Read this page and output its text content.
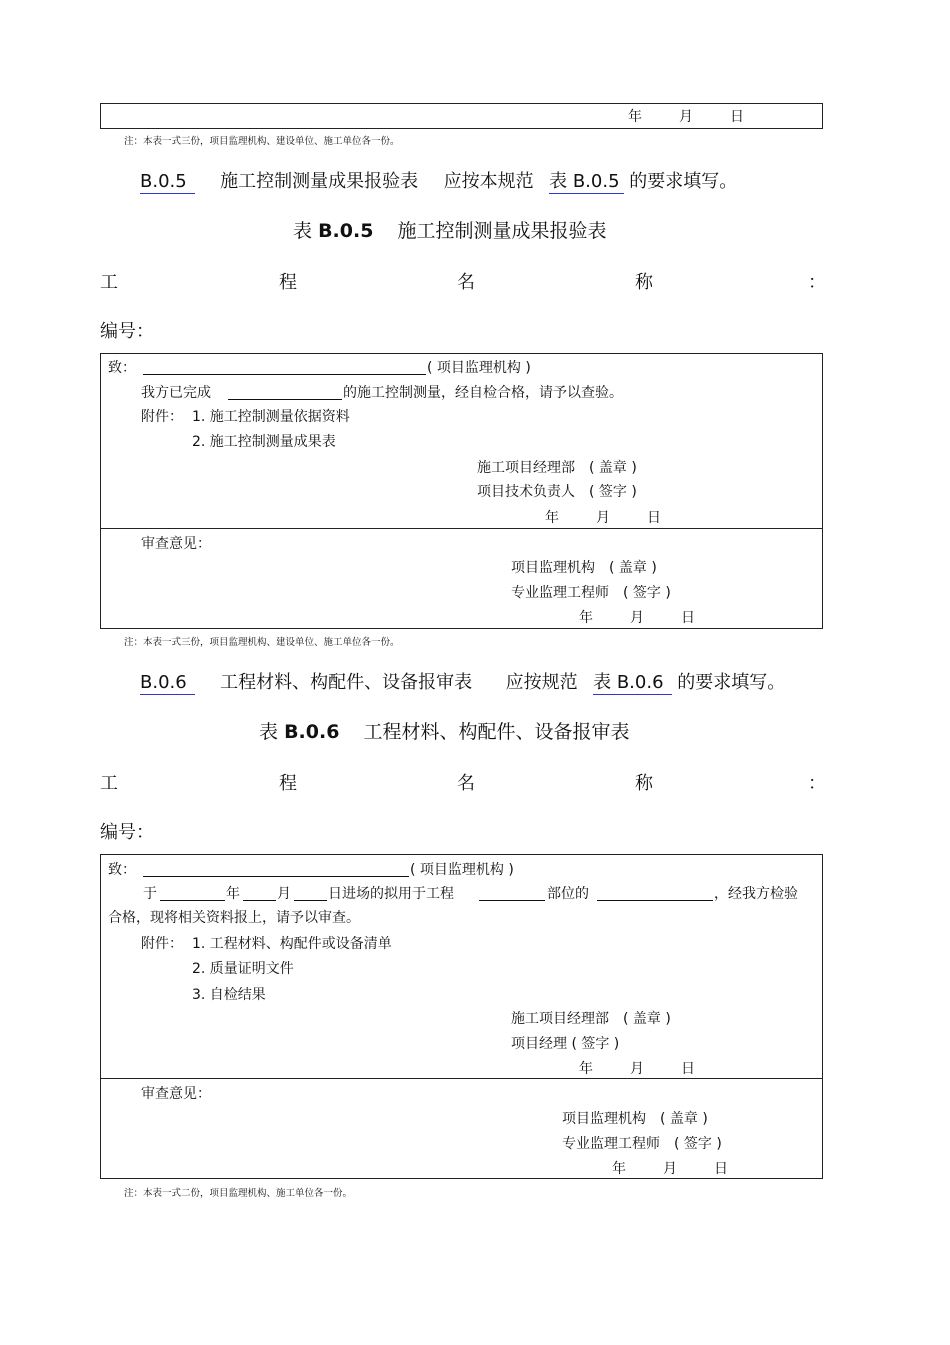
年	月	日
注：本表一式三份，项目监理机构、建设单位、施工单位各一份。
B.0.5 施工控制测量成果报验表 应按本规范 表 B.0.5 的要求填写。
表 B.0.5 施工控制测量成果报验表
工	程	名	称	：
编号：
致：	( 项目监理机构 )
我方已完成	的施工控制测量，经自检合格，请予以查验。
附件： 1. 施工控制测量依据资料
2. 施工控制测量成果表
施工项目经理部　( 盖章 )
项目技术负责人　( 签字 )
年	月	日
审查意见：
项目监理机构　( 盖章 )
专业监理工程师　( 签字 )
年	月	日
注：本表一式三份，项目监理机构、建设单位、施工单位各一份。
B.0.6 工程材料、构配件、设备报审表 应按规范 表 B.0.6 的要求填写。
表 B.0.6 工程材料、构配件、设备报审表
工	程	名	称	：
编号：
致：	( 项目监理机构 )
于	年	月	日进场的拟用于工程	部位的	，经我方检验
合格，现将相关资料报上，请予以审查。
附件： 1. 工程材料、构配件或设备清单
2. 质量证明文件
3. 自检结果
施工项目经理部　( 盖章 )
项目经理 ( 签字 )
年	月	日
审查意见：
项目监理机构　( 盖章 )
专业监理工程师　( 签字 )
年	月	日
注：本表一式二份，项目监理机构、施工单位各一份。
